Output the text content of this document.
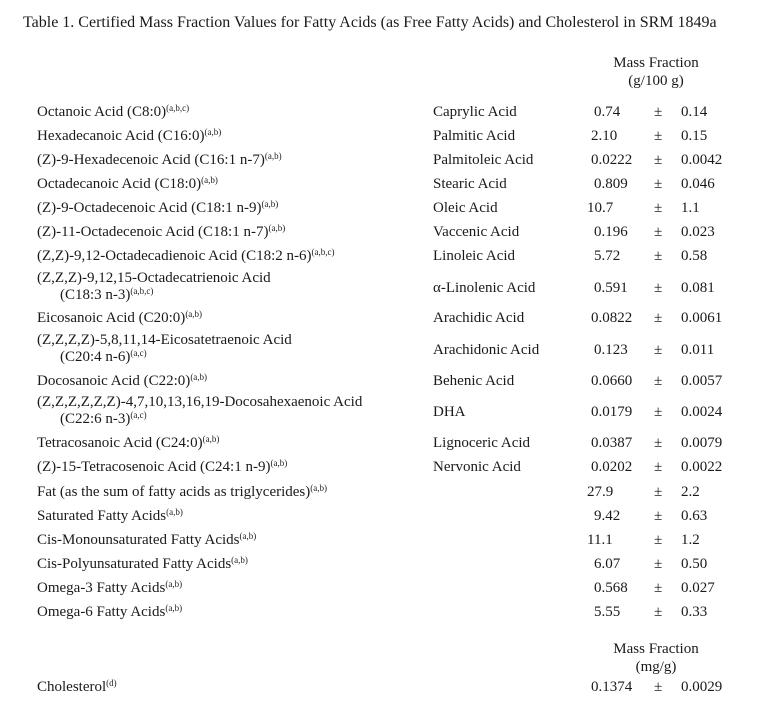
Table 1. Certified Mass Fraction Values for Fatty Acids (as Free Fatty Acids) and Cholesterol in SRM 1849a
Mass Fraction
(g/100 g)
Octanoic Acid (C8:0)$^{(a,b,c)}$	Caprylic Acid	0.74 ± 0.14
Hexadecanoic Acid (C16:0)$^{(a,b)}$	Palmitic Acid	2.10 ± 0.15
(Z)-9-Hexadecenoic Acid (C16:1 n-7)$^{(a,b)}$	Palmitoleic Acid	0.0222 ± 0.0042
Octadecanoic Acid (C18:0)$^{(a,b)}$	Stearic Acid	0.809 ± 0.046
(Z)-9-Octadecenoic Acid (C18:1 n-9)$^{(a,b)}$	Oleic Acid	10.7	± 1.1
(Z)-11-Octadecenoic Acid (C18:1 n-7)$^{(a,b)}$	Vaccenic Acid	0.196 ± 0.023
(Z,Z)-9,12-Octadecadienoic Acid (C18:2 n-6)$^{(a,b,c)}$	Linoleic Acid	5.72 ± 0.58
(Z,Z,Z)-9,12,15-Octadecatrienoic Acid
(C18:3 n-3)$^{(a,b,c)}$	α-Linolenic Acid	0.591 ± 0.081
Eicosanoic Acid (C20:0)$^{(a,b)}$	Arachidic Acid	0.0822 ± 0.0061
(Z,Z,Z,Z)-5,8,11,14-Eicosatetraenoic Acid
(C20:4 n-6)$^{(a,c)}$	Arachidonic Acid	0.123 ± 0.011
Docosanoic Acid (C22:0)$^{(a,b)}$	Behenic Acid	0.0660 ± 0.0057
(Z,Z,Z,Z,Z,Z)-4,7,10,13,16,19-Docosahexaenoic Acid
(C22:6 n-3)$^{(a,c)}$	DHA	0.0179 ± 0.0024
Tetracosanoic Acid (C24:0)$^{(a,b)}$	Lignoceric Acid	0.0387 ± 0.0079
(Z)-15-Tetracosenoic Acid (C24:1 n-9)$^{(a,b)}$	Nervonic Acid	0.0202 ± 0.0022
Fat (as the sum of fatty acids as triglycerides)$^{(a,b)}$	27.9	± 2.2
Saturated Fatty Acids$^{(a,b)}$	9.42 ± 0.63
Cis-Monounsaturated Fatty Acids$^{(a,b)}$	11.1	± 1.2
Cis-Polyunsaturated Fatty Acids$^{(a,b)}$	6.07 ± 0.50
Omega-3 Fatty Acids$^{(a,b)}$	0.568 ± 0.027
Omega-6 Fatty Acids$^{(a,b)}$	5.55 ± 0.33
Mass Fraction
(mg/g)
Cholesterol$^{(d)}$	0.1374 ± 0.0029
